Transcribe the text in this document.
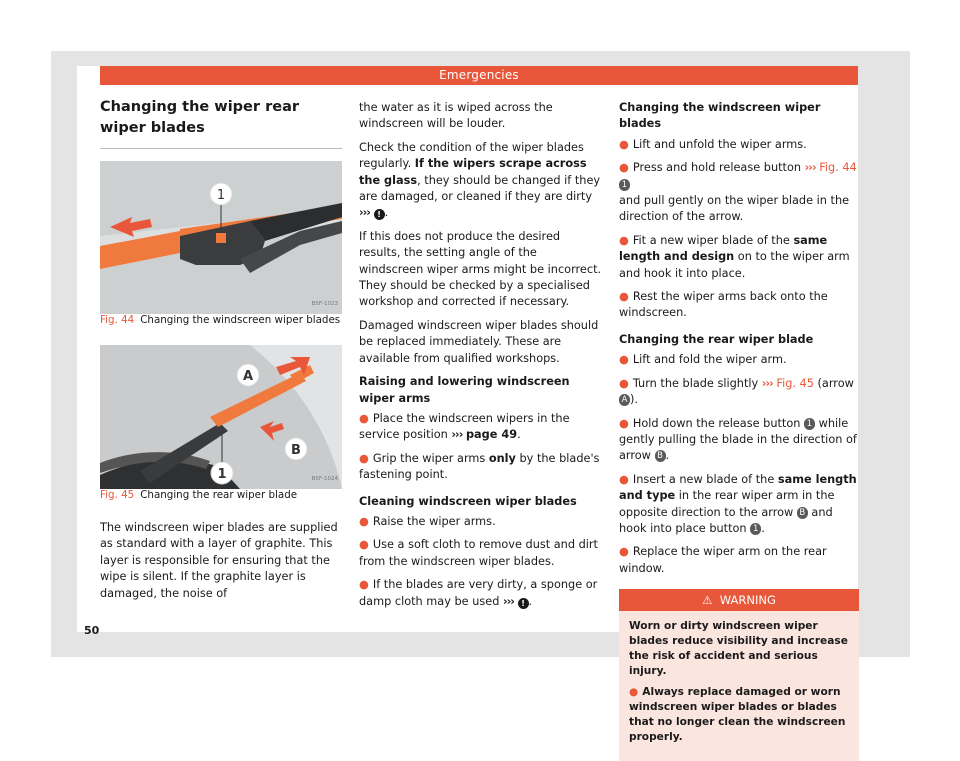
Emergencies
Changing the wiper rear wiper blades
1
B5F-1023

Fig. 44 Changing the windscreen wiper blades

A
B
1	B5F-1024

Fig. 45 Changing the rear wiper blade

The windscreen wiper blades are supplied as standard with a layer of graphite. This layer is responsible for ensuring that the wipe is silent. If the graphite layer is damaged, the noise of

the water as it is wiped across the windscreen will be louder.

Check the condition of the wiper blades regularly. If the wipers scrape across the glass, they should be changed if they are damaged, or cleaned if they are dirty ››› ! .

If this does not produce the desired results, the setting angle of the windscreen wiper arms might be incorrect. They should be checked by a specialised workshop and corrected if necessary.

Damaged windscreen wiper blades should be replaced immediately. These are available from qualified workshops.

Raising and lowering windscreen wiper arms

● Place the windscreen wipers in the service position ››› page 49.

● Grip the wiper arms only by the blade's fastening point.

Cleaning windscreen wiper blades

● Raise the wiper arms.

● Use a soft cloth to remove dust and dirt from the windscreen wiper blades.

● If the blades are very dirty, a sponge or damp cloth may be used ››› ! .

Changing the windscreen wiper blades

● Lift and unfold the wiper arms.

● Press and hold release button ››› Fig. 44 1
and pull gently on the wiper blade in the direction of the arrow.

● Fit a new wiper blade of the same length and design on to the wiper arm and hook it into place.

● Rest the wiper arms back onto the windscreen.

Changing the rear wiper blade

● Lift and fold the wiper arm.

● Turn the blade slightly ››› Fig. 45 (arrow A ).

● Hold down the release button 1 while gently pulling the blade in the direction of arrow B .

● Insert a new blade of the same length and type in the rear wiper arm in the opposite direction to the arrow B and hook into place button 1 .

● Replace the wiper arm on the rear window.

⚠ WARNING

Worn or dirty windscreen wiper blades reduce visibility and increase the risk of accident and serious injury.

● Always replace damaged or worn windscreen wiper blades or blades that no longer clean the windscreen properly.

50
